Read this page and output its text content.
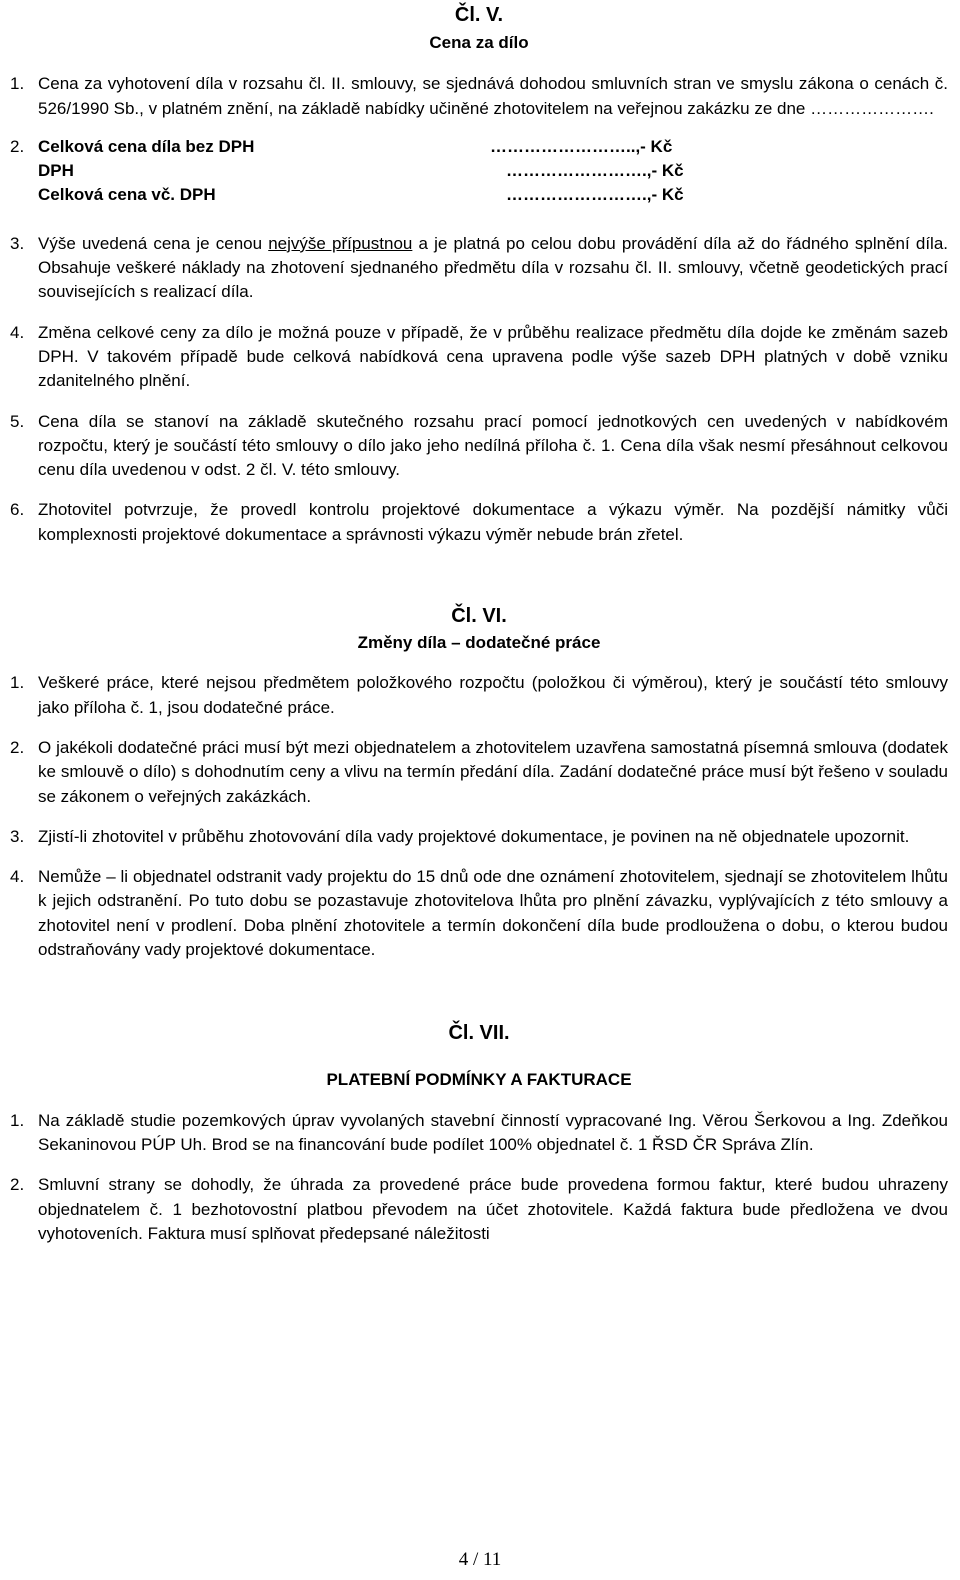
Čl. V.
Cena za dílo
1. Cena za vyhotovení díla v rozsahu čl. II. smlouvy, se sjednává dohodou smluvních stran ve smyslu zákona o cenách č. 526/1990 Sb., v platném znění, na základě nabídky učiněné zhotovitelem na veřejnou zakázku ze dne ………………….
2. Celková cena díla bez DPH	……………………..,- Kč
DPH	…………………….,- Kč
Celková cena vč. DPH	…………………….,- Kč
3. Výše uvedená cena je cenou nejvýše přípustnou a je platná po celou dobu provádění díla až do řádného splnění díla. Obsahuje veškeré náklady na zhotovení sjednaného předmětu díla v rozsahu čl. II. smlouvy, včetně geodetických prací souvisejících s realizací díla.
4. Změna celkové ceny za dílo je možná pouze v případě, že v průběhu realizace předmětu díla dojde ke změnám sazeb DPH. V takovém případě bude celková nabídková cena upravena podle výše sazeb DPH platných v době vzniku zdanitelného plnění.
5. Cena díla se stanoví na základě skutečného rozsahu prací pomocí jednotkových cen uvedených v nabídkovém rozpočtu, který je součástí této smlouvy o dílo jako jeho nedílná příloha č. 1. Cena díla však nesmí přesáhnout celkovou cenu díla uvedenou v odst. 2 čl. V. této smlouvy.
6. Zhotovitel potvrzuje, že provedl kontrolu projektové dokumentace a výkazu výměr. Na pozdější námitky vůči komplexnosti projektové dokumentace a správnosti výkazu výměr nebude brán zřetel.
Čl. VI.
Změny díla – dodatečné práce
1. Veškeré práce, které nejsou předmětem položkového rozpočtu (položkou či výměrou), který je součástí této smlouvy jako příloha č. 1, jsou dodatečné práce.
2. O jakékoli dodatečné práci musí být mezi objednatelem a zhotovitelem uzavřena samostatná písemná smlouva (dodatek ke smlouvě o dílo) s dohodnutím ceny a vlivu na termín předání díla. Zadání dodatečné práce musí být řešeno v souladu se zákonem o veřejných zakázkách.
3. Zjistí-li zhotovitel v průběhu zhotovování díla vady projektové dokumentace, je povinen na ně objednatele upozornit.
4. Nemůže – li objednatel odstranit vady projektu do 15 dnů ode dne oznámení zhotovitelem, sjednají se zhotovitelem lhůtu k jejich odstranění. Po tuto dobu se pozastavuje zhotovitelova lhůta pro plnění závazku, vyplývajících z této smlouvy a zhotovitel není v prodlení. Doba plnění zhotovitele a termín dokončení díla bude prodloužena o dobu, o kterou budou odstraňovány vady projektové dokumentace.
Čl. VII.
PLATEBNÍ PODMÍNKY A FAKTURACE
1. Na základě studie pozemkových úprav vyvolaných stavební činností vypracované Ing. Věrou Šerkovou a Ing. Zdeňkou Sekaninovou PÚP Uh. Brod se na financování bude podílet 100% objednatel č. 1 ŘSD ČR Správa Zlín.
2. Smluvní strany se dohodly, že úhrada za provedené práce bude provedena formou faktur, které budou uhrazeny objednatelem č. 1 bezhotovostní platbou převodem na účet zhotovitele. Každá faktura bude předložena ve dvou vyhotoveních. Faktura musí splňovat předepsané náležitosti
4 / 11
